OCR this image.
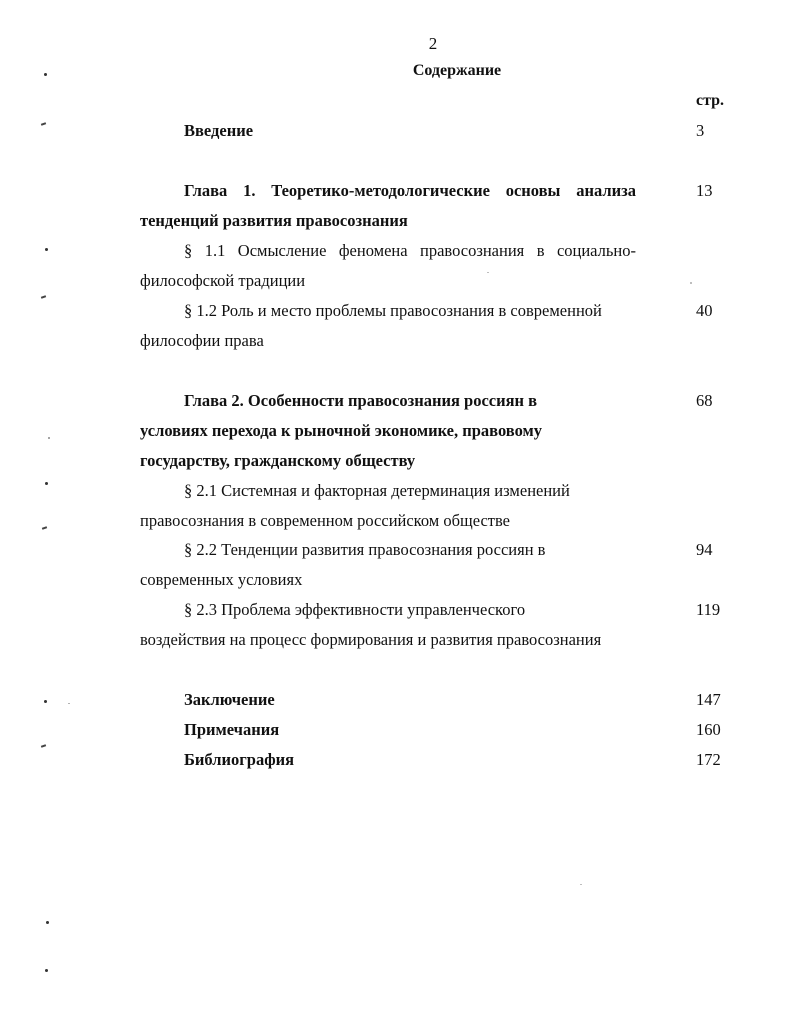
2
Содержание
стр.
Введение	3
Глава 1. Теоретико-методологические основы анализа	13
тенденций развития правосознания
§ 1.1 Осмысление феномена правосознания в социально-
философской традиции
§ 1.2 Роль и место проблемы правосознания в современной	40
философии права
Глава 2. Особенности правосознания россиян в	68
условиях перехода к рыночной экономике, правовому
государству, гражданскому обществу
§ 2.1 Системная и факторная детерминация изменений
правосознания в современном российском обществе
§ 2.2 Тенденции развития правосознания россиян в	94
современных условиях
§ 2.3 Проблема эффективности управленческого	119
воздействия на процесс формирования и развития правосознания
Заключение	147
Примечания	160
Библиография	172
